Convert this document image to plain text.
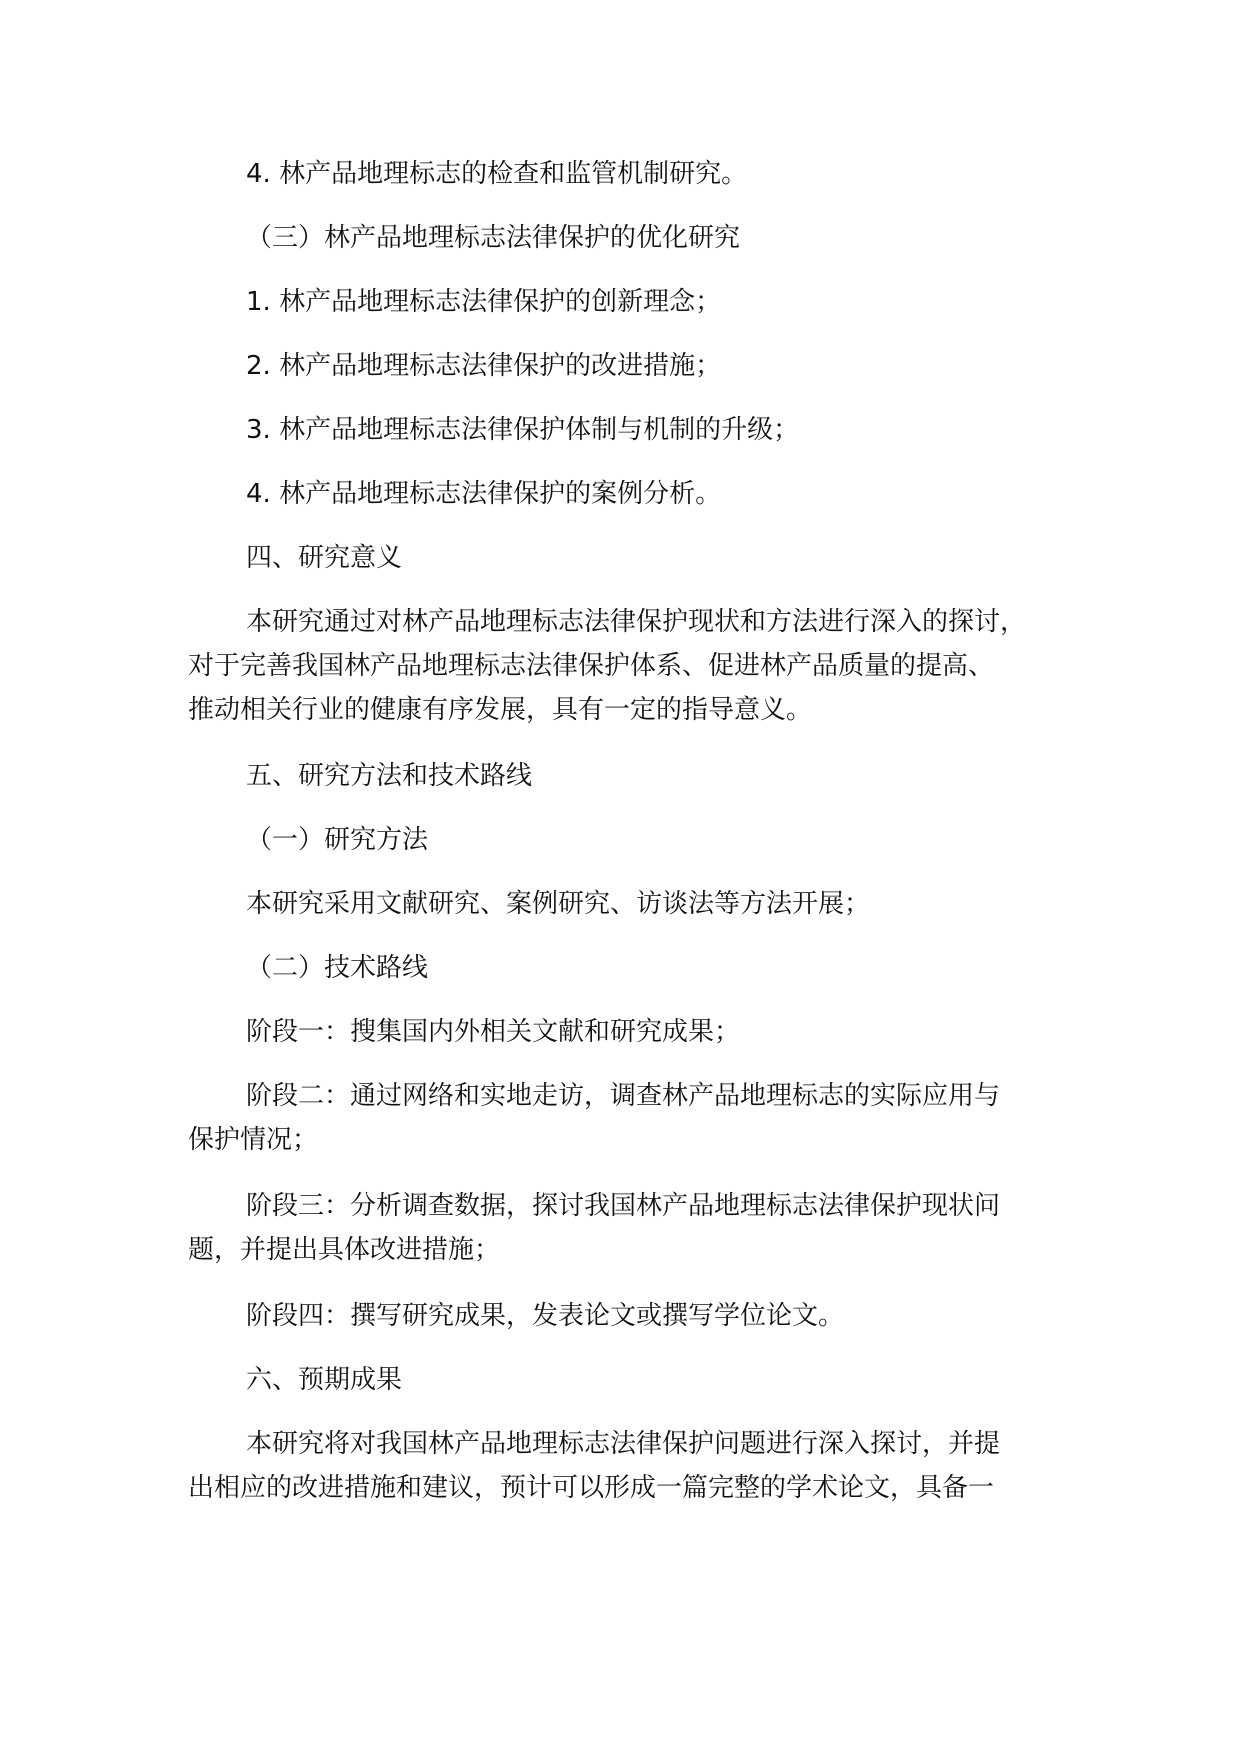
4. 林产品地理标志的检查和监管机制研究。

（三）林产品地理标志法律保护的优化研究

1. 林产品地理标志法律保护的创新理念；

2. 林产品地理标志法律保护的改进措施；

3. 林产品地理标志法律保护体制与机制的升级；

4. 林产品地理标志法律保护的案例分析。

四、研究意义

本研究通过对林产品地理标志法律保护现状和方法进行深入的探讨，
对于完善我国林产品地理标志法律保护体系、促进林产品质量的提高、
推动相关行业的健康有序发展，具有一定的指导意义。

五、研究方法和技术路线

（一）研究方法

本研究采用文献研究、案例研究、访谈法等方法开展；

（二）技术路线

阶段一：搜集国内外相关文献和研究成果；

阶段二：通过网络和实地走访，调查林产品地理标志的实际应用与
保护情况；

阶段三：分析调查数据，探讨我国林产品地理标志法律保护现状问
题，并提出具体改进措施；

阶段四：撰写研究成果，发表论文或撰写学位论文。

六、预期成果

本研究将对我国林产品地理标志法律保护问题进行深入探讨，并提
出相应的改进措施和建议，预计可以形成一篇完整的学术论文，具备一
